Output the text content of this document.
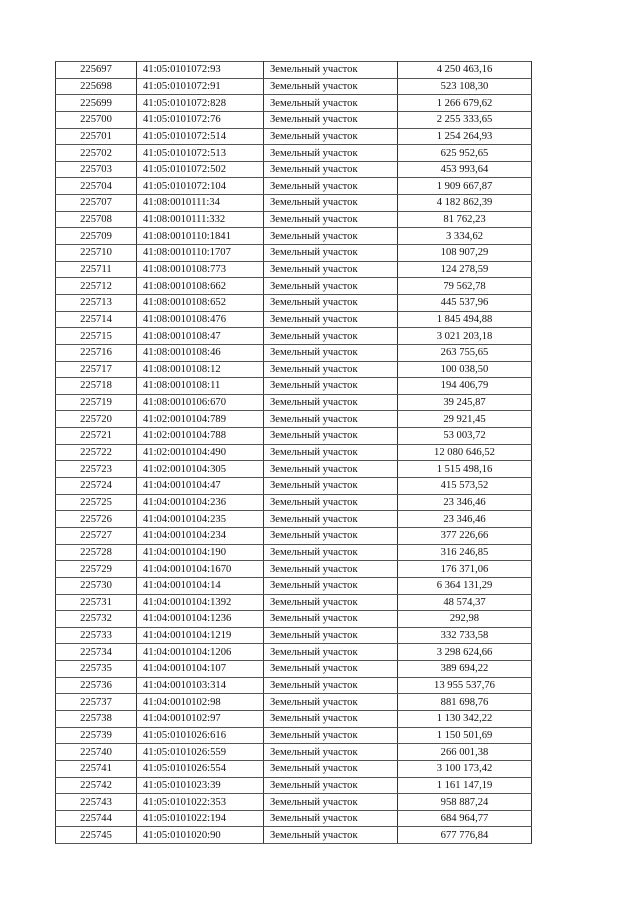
225697	41:05:0101072:93	Земельный участок	4 250 463,16
225698	41:05:0101072:91	Земельный участок	523 108,30
225699	41:05:0101072:828	Земельный участок	1 266 679,62
225700	41:05:0101072:76	Земельный участок	2 255 333,65
225701	41:05:0101072:514	Земельный участок	1 254 264,93
225702	41:05:0101072:513	Земельный участок	625 952,65
225703	41:05:0101072:502	Земельный участок	453 993,64
225704	41:05:0101072:104	Земельный участок	1 909 667,87
225707	41:08:0010111:34	Земельный участок	4 182 862,39
225708	41:08:0010111:332	Земельный участок	81 762,23
225709	41:08:0010110:1841	Земельный участок	3 334,62
225710	41:08:0010110:1707	Земельный участок	108 907,29
225711	41:08:0010108:773	Земельный участок	124 278,59
225712	41:08:0010108:662	Земельный участок	79 562,78
225713	41:08:0010108:652	Земельный участок	445 537,96
225714	41:08:0010108:476	Земельный участок	1 845 494,88
225715	41:08:0010108:47	Земельный участок	3 021 203,18
225716	41:08:0010108:46	Земельный участок	263 755,65
225717	41:08:0010108:12	Земельный участок	100 038,50
225718	41:08:0010108:11	Земельный участок	194 406,79
225719	41:08:0010106:670	Земельный участок	39 245,87
225720	41:02:0010104:789	Земельный участок	29 921,45
225721	41:02:0010104:788	Земельный участок	53 003,72
225722	41:02:0010104:490	Земельный участок	12 080 646,52
225723	41:02:0010104:305	Земельный участок	1 515 498,16
225724	41:04:0010104:47	Земельный участок	415 573,52
225725	41:04:0010104:236	Земельный участок	23 346,46
225726	41:04:0010104:235	Земельный участок	23 346,46
225727	41:04:0010104:234	Земельный участок	377 226,66
225728	41:04:0010104:190	Земельный участок	316 246,85
225729	41:04:0010104:1670	Земельный участок	176 371,06
225730	41:04:0010104:14	Земельный участок	6 364 131,29
225731	41:04:0010104:1392	Земельный участок	48 574,37
225732	41:04:0010104:1236	Земельный участок	292,98
225733	41:04:0010104:1219	Земельный участок	332 733,58
225734	41:04:0010104:1206	Земельный участок	3 298 624,66
225735	41:04:0010104:107	Земельный участок	389 694,22
225736	41:04:0010103:314	Земельный участок	13 955 537,76
225737	41:04:0010102:98	Земельный участок	881 698,76
225738	41:04:0010102:97	Земельный участок	1 130 342,22
225739	41:05:0101026:616	Земельный участок	1 150 501,69
225740	41:05:0101026:559	Земельный участок	266 001,38
225741	41:05:0101026:554	Земельный участок	3 100 173,42
225742	41:05:0101023:39	Земельный участок	1 161 147,19
225743	41:05:0101022:353	Земельный участок	958 887,24
225744	41:05:0101022:194	Земельный участок	684 964,77
225745	41:05:0101020:90	Земельный участок	677 776,84
